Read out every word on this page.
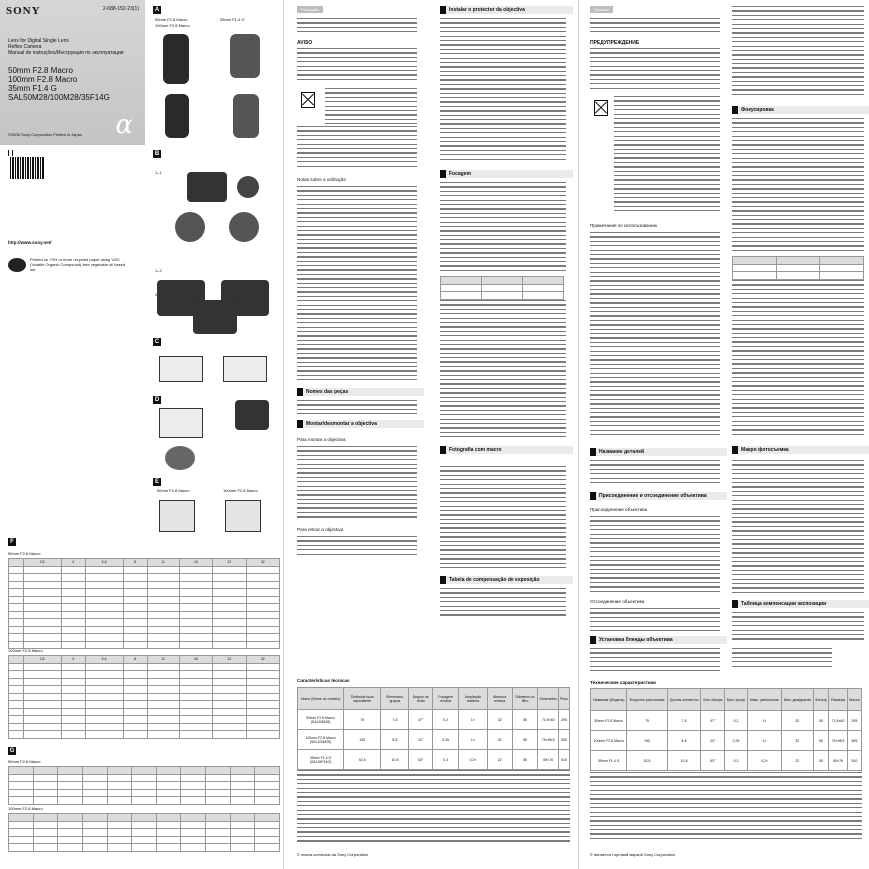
SONY	2-688-152-23(1)
Lens for Digital Single Lens
Reflex Camera
Manual de instruções/Инструкция по эксплуатации
50mm F2.8 Macro
100mm F2.8 Macro
35mm F1.4 G
SAL50M28/100M28/35F14G
α
©2006 Sony Corporation Printed in Japan
http://www.sony.net/
Printed on 70% or more recycled paper using VOC (Volatile Organic Compound)-free vegetable oil based ink.
F
50mm F2.8 Macro
	2,8	4	5,6	8	11	16	22	32

100mm F2.8 Macro
	2,8	4	5,6	8	11	16	22	32

G
50mm F2.8 Macro

100mm F2.8 Macro

A
50mm F2.8 Macro
100mm F2.8 Macro
35mm F1.4 G
B
1–1
1–2
2
C
D
E
50mm F2.8 Macro	100mm F2.8 Macro
Português
AVISO
Notas sobre a utilização
Nomes das peças
Montar/desmontar a objectiva
Para montar a objectiva
Para retirar a objectiva
Instalar o protector da objectiva
Focagem

Fotografia com macro
Tabela de compensação de exposição
Características técnicas
Nome (Nome do modelo)	Distância focal equivalente	Elementos-grupos	Ângulo de visão	Focagem mínima	Ampliação máxima	Abertura mínima	Diâmetro do filtro	Dimensões	Peso
50mm F2.8 Macro (SAL50M28)	75	7-6	47°	0,2	1×	32	55	71,5×60	295
100mm F2.8 Macro (SAL100M28)	150	8-8	24°	0,35	1×	32	55	75×98,5	505
35mm F1.4 G (SAL35F14G)	52,5	10-8	63°	0,3	0,2×	22	55	69×76	510
© marca comercial da Sony Corporation
Русский
ПРЕДУПРЕЖДЕНИЕ
Примечания по использованию
Название деталей
Присоединение и отсоединение объектива
Присоединение объектива
Отсоединение объектива
Установка бленды объектива
Фокусировка

Макро фотосъемка
Таблица компенсации экспозиции
Технические характеристики
Название (Модель)	Фокусное расстояние	Группы-элементы	Угол обзора	Мин. фокус	Макс. увеличение	Мин. диафрагма	Фильтр	Размеры	Масса
50mm F2.8 Macro	75	7-6	47°	0,2	1×	32	55	71,5×60	295
100mm F2.8 Macro	150	8-8	24°	0,35	1×	32	55	75×98,5	505
35mm F1.4 G	52,5	10-8	63°	0,3	0,2×	22	55	69×76	510
© является торговой маркой Sony Corporation
